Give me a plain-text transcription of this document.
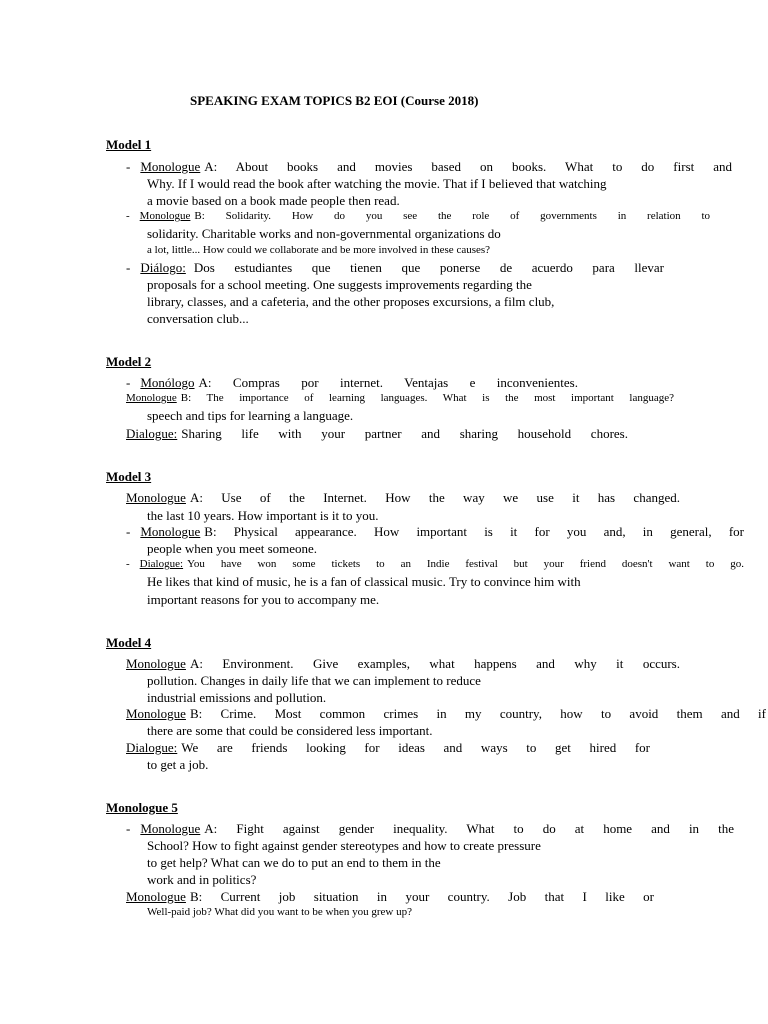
SPEAKING EXAM TOPICS B2 EOI (Course 2018)
Model 1
- Monologue A: About books and movies based on books. What to do first and
Why. If I would read the book after watching the movie. That if I believed that watching
a movie based on a book made people then read.
- Monologue B: Solidarity. How do you see the role of governments in relation to
solidarity. Charitable works and non-governmental organizations do
a lot, little... How could we collaborate and be more involved in these causes?
- Diálogo: Dos estudiantes que tienen que ponerse de acuerdo para llevar
proposals for a school meeting. One suggests improvements regarding the
library, classes, and a cafeteria, and the other proposes excursions, a film club,
conversation club...
Model 2
- Monólogo A: Compras por internet. Ventajas e inconvenientes.
Monologue B: The importance of learning languages. What is the most important language?
speech and tips for learning a language.
Dialogue: Sharing life with your partner and sharing household chores.
Model 3
Monologue A: Use of the Internet. How the way we use it has changed.
the last 10 years. How important is it to you.
- Monologue B: Physical appearance. How important is it for you and, in general, for
people when you meet someone.
- Dialogue: You have won some tickets to an Indie festival but your friend doesn't want to go.
He likes that kind of music, he is a fan of classical music. Try to convince him with
important reasons for you to accompany me.
Model 4
Monologue A: Environment. Give examples, what happens and why it occurs.
pollution. Changes in daily life that we can implement to reduce
industrial emissions and pollution.
Monologue B: Crime. Most common crimes in my country, how to avoid them and if
there are some that could be considered less important.
Dialogue: We are friends looking for ideas and ways to get hired for
to get a job.
Monologue 5
- Monologue A: Fight against gender inequality. What to do at home and in the
School? How to fight against gender stereotypes and how to create pressure
to get help? What can we do to put an end to them in the
work and in politics?
Monologue B: Current job situation in your country. Job that I like or
Well-paid job? What did you want to be when you grew up?
